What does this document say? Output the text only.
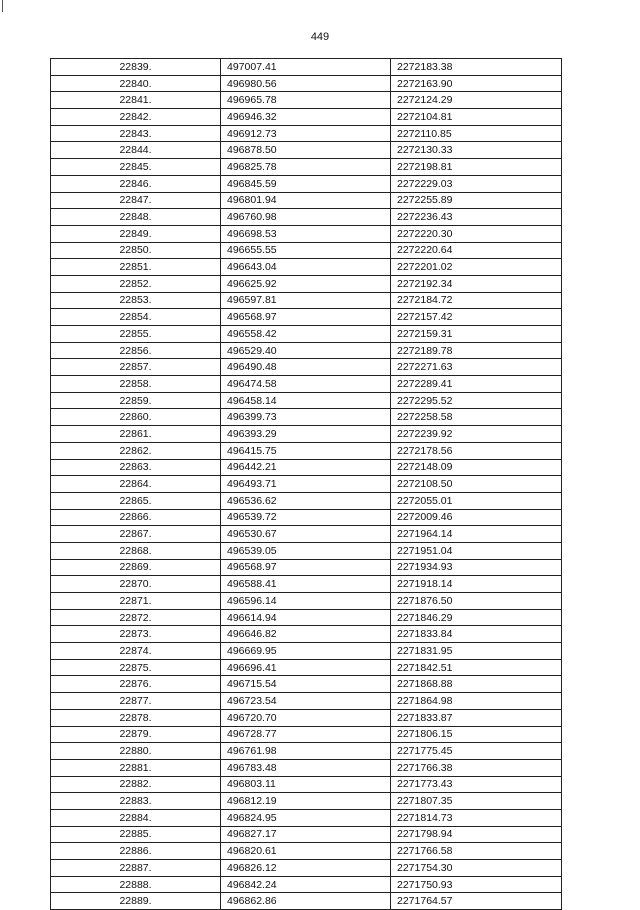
449
22839.	497007.41	2272183.38
22840.	496980.56	2272163.90
22841.	496965.78	2272124.29
22842.	496946.32	2272104.81
22843.	496912.73	2272110.85
22844.	496878.50	2272130.33
22845.	496825.78	2272198.81
22846.	496845.59	2272229.03
22847.	496801.94	2272255.89
22848.	496760.98	2272236.43
22849.	496698.53	2272220.30
22850.	496655.55	2272220.64
22851.	496643.04	2272201.02
22852.	496625.92	2272192.34
22853.	496597.81	2272184.72
22854.	496568.97	2272157.42
22855.	496558.42	2272159.31
22856.	496529.40	2272189.78
22857.	496490.48	2272271.63
22858.	496474.58	2272289.41
22859.	496458.14	2272295.52
22860.	496399.73	2272258.58
22861.	496393.29	2272239.92
22862.	496415.75	2272178.56
22863.	496442.21	2272148.09
22864.	496493.71	2272108.50
22865.	496536.62	2272055.01
22866.	496539.72	2272009.46
22867.	496530.67	2271964.14
22868.	496539.05	2271951.04
22869.	496568.97	2271934.93
22870.	496588.41	2271918.14
22871.	496596.14	2271876.50
22872.	496614.94	2271846.29
22873.	496646.82	2271833.84
22874.	496669.95	2271831.95
22875.	496696.41	2271842.51
22876.	496715.54	2271868.88
22877.	496723.54	2271864.98
22878.	496720.70	2271833.87
22879.	496728.77	2271806.15
22880.	496761.98	2271775.45
22881.	496783.48	2271766.38
22882.	496803.11	2271773.43
22883.	496812.19	2271807.35
22884.	496824.95	2271814.73
22885.	496827.17	2271798.94
22886.	496820.61	2271766.58
22887.	496826.12	2271754.30
22888.	496842.24	2271750.93
22889.	496862.86	2271764.57
